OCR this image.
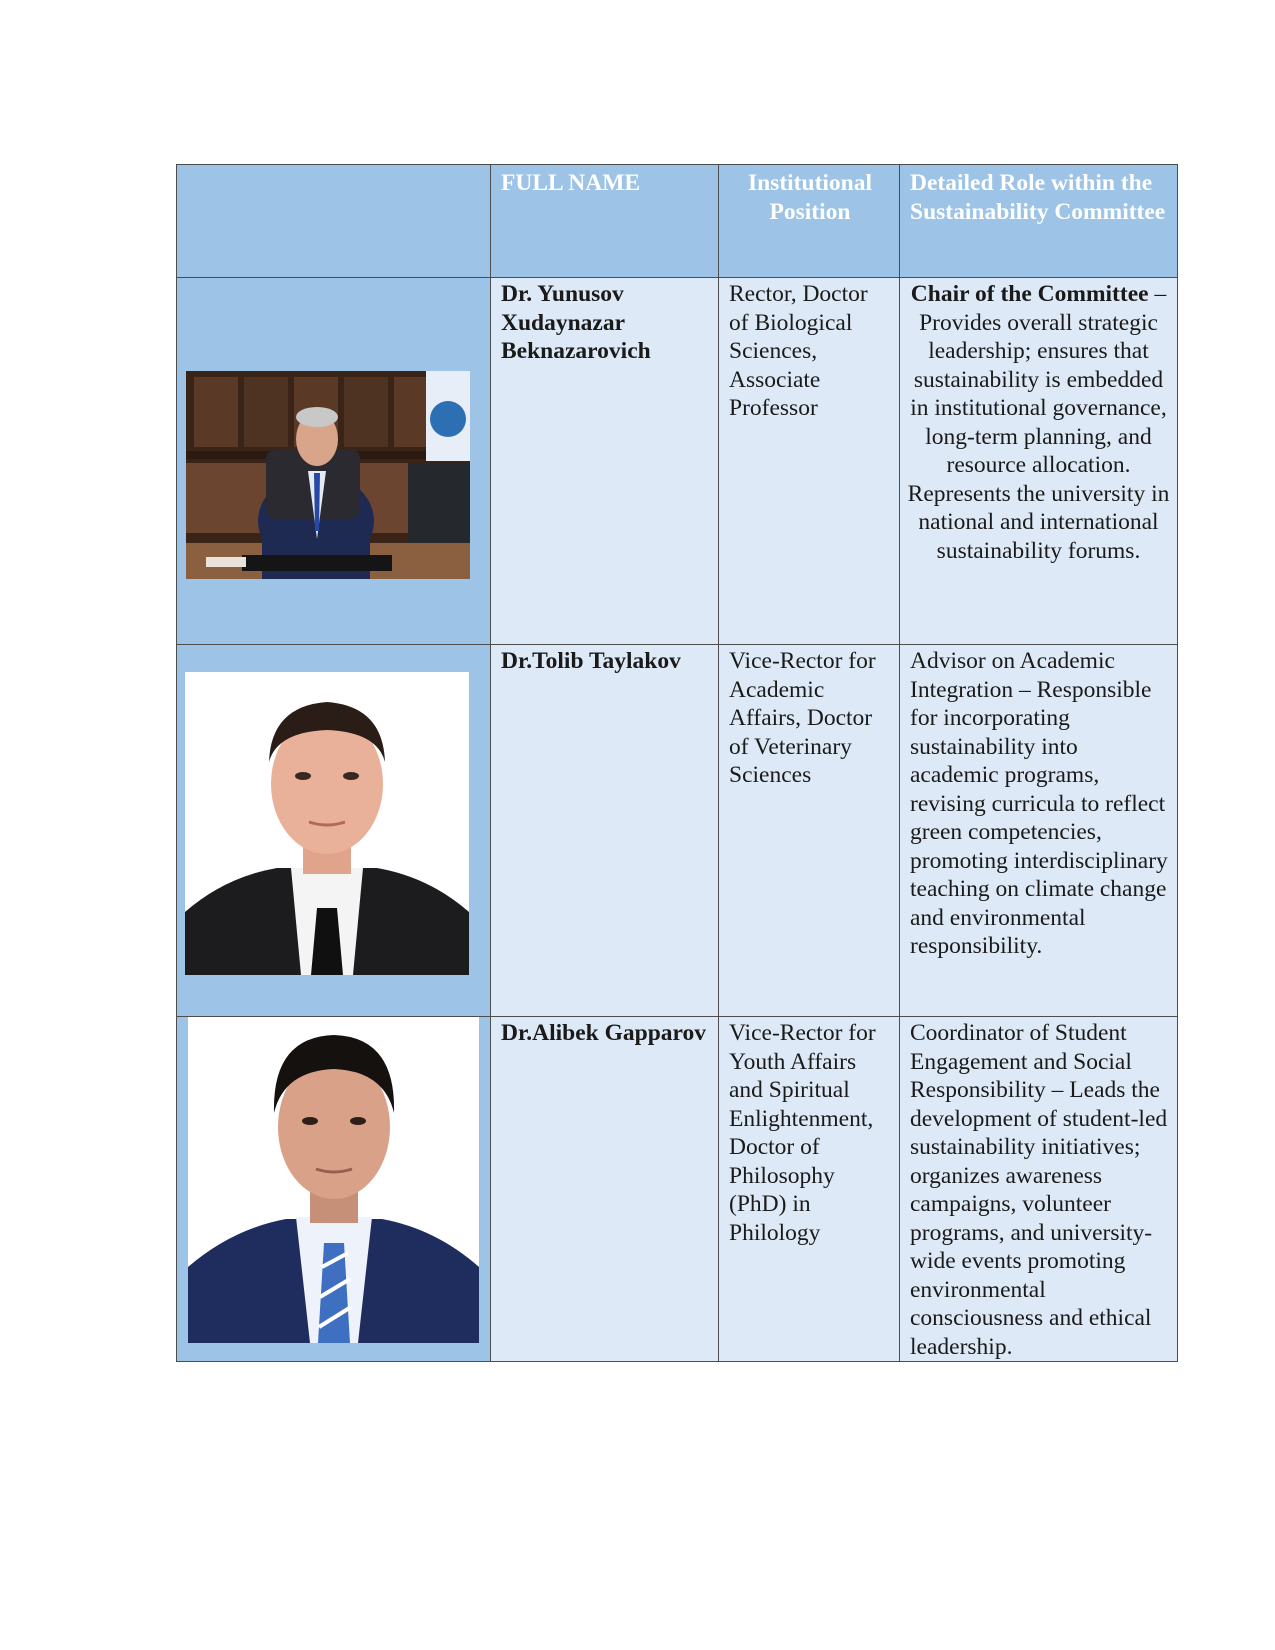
	FULL NAME	Institutional Position	Detailed Role within the Sustainability Committee

Dr. Yunusov Xudaynazar Beknazarovich	Rector, Doctor of Biological Sciences, Associate Professor	Chair of the Committee – Provides overall strategic leadership; ensures that sustainability is embedded in institutional governance, long-term planning, and resource allocation. Represents the university in national and international sustainability forums.

Dr.Tolib Taylakov	Vice-Rector for Academic Affairs, Doctor of Veterinary Sciences	Advisor on Academic Integration – Responsible for incorporating sustainability into academic programs, revising curricula to reflect green competencies, promoting interdisciplinary teaching on climate change and environmental responsibility.

Dr.Alibek Gapparov	Vice-Rector for Youth Affairs and Spiritual Enlightenment, Doctor of Philosophy (PhD) in Philology	Coordinator of Student Engagement and Social Responsibility – Leads the development of student-led sustainability initiatives; organizes awareness campaigns, volunteer programs, and university-wide events promoting environmental consciousness and ethical leadership.
